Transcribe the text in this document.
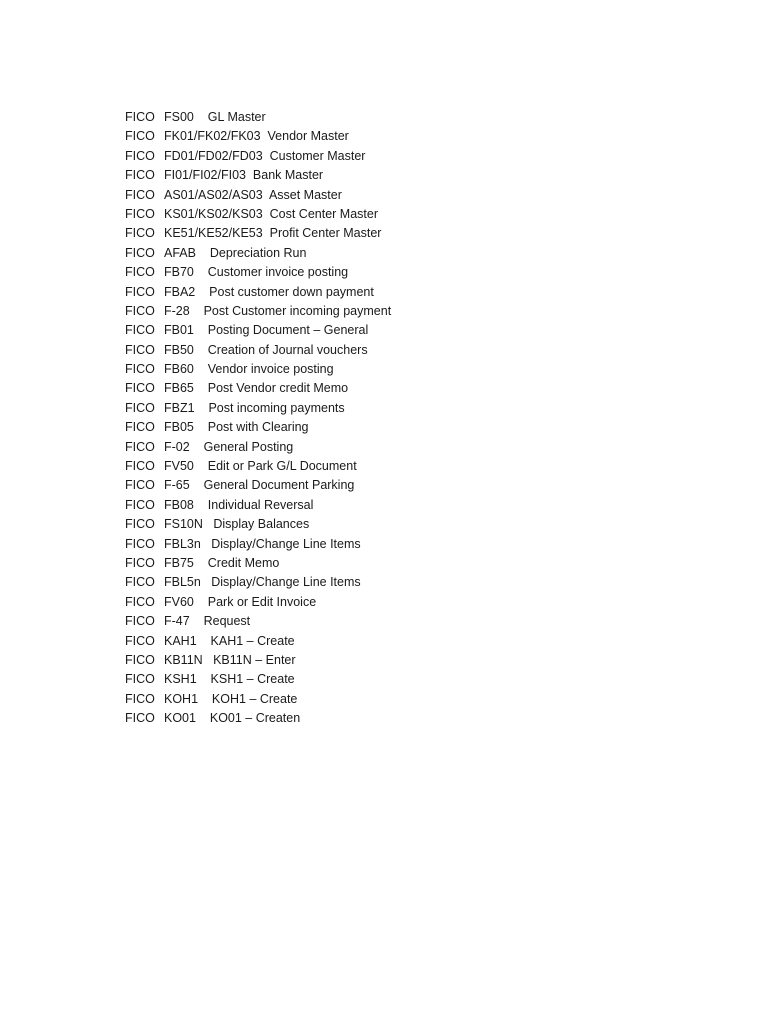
FICO FS00    GL Master
FICO FK01/FK02/FK03  Vendor Master
FICO FD01/FD02/FD03  Customer Master
FICO FI01/FI02/FI03  Bank Master
FICO AS01/AS02/AS03  Asset Master
FICO KS01/KS02/KS03  Cost Center Master
FICO KE51/KE52/KE53  Profit Center Master
FICO AFAB    Depreciation Run
FICO FB70    Customer invoice posting
FICO FBA2    Post customer down payment
FICO F-28    Post Customer incoming payment
FICO FB01    Posting Document – General
FICO FB50    Creation of Journal vouchers
FICO FB60    Vendor invoice posting
FICO FB65    Post Vendor credit Memo
FICO FBZ1    Post incoming payments
FICO FB05    Post with Clearing
FICO F-02    General Posting
FICO FV50    Edit or Park G/L Document
FICO F-65    General Document Parking
FICO FB08    Individual Reversal
FICO FS10N   Display Balances
FICO FBL3n   Display/Change Line Items
FICO FB75    Credit Memo
FICO FBL5n   Display/Change Line Items
FICO FV60    Park or Edit Invoice
FICO F-47    Request
FICO KAH1    KAH1 – Create
FICO KB11N   KB11N – Enter
FICO KSH1    KSH1 – Create
FICO KOH1    KOH1 – Create
FICO KO01    KO01 – Createn
